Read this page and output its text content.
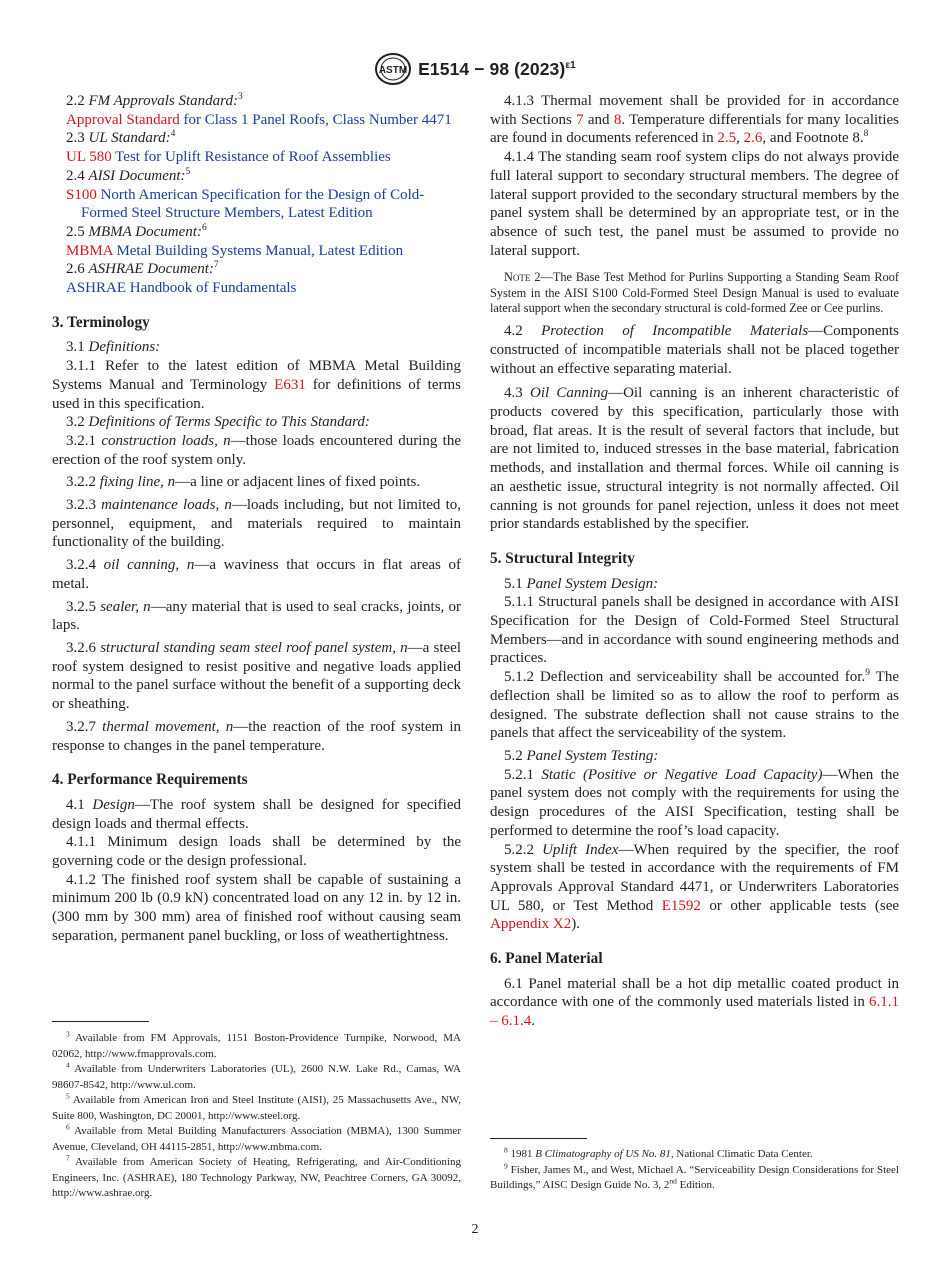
ASTM E1514 − 98 $(2023)^{\varepsilon 1}$

2.2 FM Approvals Standard:$^3$

Approval Standard for Class 1 Panel Roofs, Class Number 4471

2.3 UL Standard:$^4$

UL 580 Test for Uplift Resistance of Roof Assemblies

2.4 AISI Document:$^5$

S100 North American Specification for the Design of Cold-Formed Steel Structure Members, Latest Edition

2.5 MBMA Document:$^6$

MBMA Metal Building Systems Manual, Latest Edition

2.6 ASHRAE Document:$^7$

ASHRAE Handbook of Fundamentals

3. Terminology

3.1 Definitions:

3.1.1 Refer to the latest edition of MBMA Metal Building Systems Manual and Terminology E631 for definitions of terms used in this specification.

3.2 Definitions of Terms Specific to This Standard:

3.2.1 construction loads, n—those loads encountered during the erection of the roof system only.

3.2.2 fixing line, n—a line or adjacent lines of fixed points.

3.2.3 maintenance loads, n—loads including, but not limited to, personnel, equipment, and materials required to maintain functionality of the building.

3.2.4 oil canning, n—a waviness that occurs in flat areas of metal.

3.2.5 sealer, n—any material that is used to seal cracks, joints, or laps.

3.2.6 structural standing seam steel roof panel system, n—a steel roof system designed to resist positive and negative loads applied normal to the panel surface without the benefit of a supporting deck or sheathing.

3.2.7 thermal movement, n—the reaction of the roof system in response to changes in the panel temperature.

4. Performance Requirements

4.1 Design—The roof system shall be designed for specified design loads and thermal effects.

4.1.1 Minimum design loads shall be determined by the governing code or the design professional.

4.1.2 The finished roof system shall be capable of sustaining a minimum 200 lb (0.9 kN) concentrated load on any 12 in. by 12 in. (300 mm by 300 mm) area of finished roof without causing seam separation, permanent panel buckling, or loss of weathertightness.

$^3$ Available from FM Approvals, 1151 Boston-Providence Turnpike, Norwood, MA 02062, http://www.fmapprovals.com.

$^4$ Available from Underwriters Laboratories (UL), 2600 N.W. Lake Rd., Camas, WA 98607-8542, http://www.ul.com.

$^5$ Available from American Iron and Steel Institute (AISI), 25 Massachusetts Ave., NW, Suite 800, Washington, DC 20001, http://www.steel.org.

$^6$ Available from Metal Building Manufacturers Association (MBMA), 1300 Summer Avenue, Cleveland, OH 44115-2851, http://www.mbma.com.

$^7$ Available from American Society of Heating, Refrigerating, and Air-Conditioning Engineers, Inc. (ASHRAE), 180 Technology Parkway, NW, Peachtree Corners, GA 30092, http://www.ashrae.org.

4.1.3 Thermal movement shall be provided for in accordance with Sections 7 and 8. Temperature differentials for many localities are found in documents referenced in 2.5, 2.6, and Footnote 8.$^8$

4.1.4 The standing seam roof system clips do not always provide full lateral support to secondary structural members. The degree of lateral support provided to the secondary structural members by the panel system shall be determined by an appropriate test, or in the absence of such test, the panel must be assumed to provide no lateral support.

Note 2—The Base Test Method for Purlins Supporting a Standing Seam Roof System in the AISI S100 Cold-Formed Steel Design Manual is used to evaluate lateral support when the secondary structural is cold-formed Zee or Cee purlins.

4.2 Protection of Incompatible Materials—Components constructed of incompatible materials shall not be placed together without an effective separating material.

4.3 Oil Canning—Oil canning is an inherent characteristic of products covered by this specification, particularly those with broad, flat areas. It is the result of several factors that include, but are not limited to, induced stresses in the base material, fabrication methods, and installation and thermal forces. While oil canning is an aesthetic issue, structural integrity is not normally affected. Oil canning is not grounds for panel rejection, unless it does not meet prior standards established by the specifier.

5. Structural Integrity

5.1 Panel System Design:

5.1.1 Structural panels shall be designed in accordance with AISI Specification for the Design of Cold-Formed Steel Structural Members—and in accordance with sound engineering methods and practices.

5.1.2 Deflection and serviceability shall be accounted for.$^9$ The deflection shall be limited so as to allow the roof to perform as designed. The substrate deflection shall not cause strains to the panels that affect the serviceability of the system.

5.2 Panel System Testing:

5.2.1 Static (Positive or Negative Load Capacity)—When the panel system does not comply with the requirements for using the design procedures of the AISI Specification, testing shall be performed to determine the roof’s load capacity.

5.2.2 Uplift Index—When required by the specifier, the roof system shall be tested in accordance with the requirements of FM Approvals Approval Standard 4471, or Underwriters Laboratories UL 580, or Test Method E1592 or other applicable tests (see Appendix X2).

6. Panel Material

6.1 Panel material shall be a hot dip metallic coated product in accordance with one of the commonly used materials listed in 6.1.1 – 6.1.4.

$^8$ 1981 B Climatography of US No. 81, National Climatic Data Center.

$^9$ Fisher, James M., and West, Michael A. “Serviceability Design Considerations for Steel Buildings,” AISC Design Guide No. 3, 2nd Edition.

2
